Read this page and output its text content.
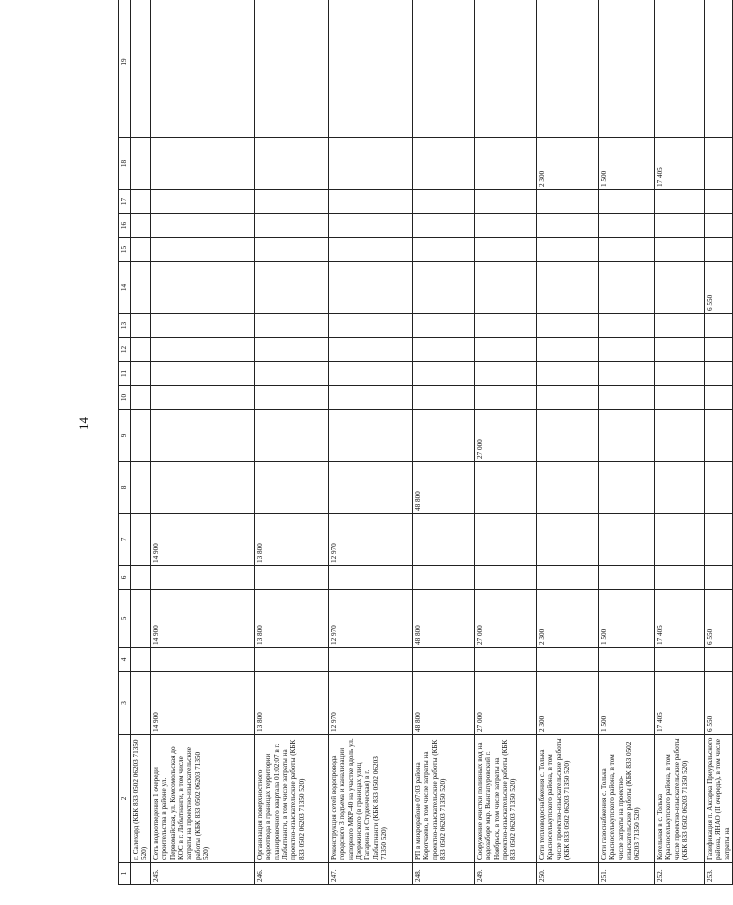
14
1	2	3	4	5	6	7	8	9	10	11	12	13	14	15	16	17	18	19
	г. Салехард (КБК 833 0502 06203 71350 520)																	
245.	Сеть водоотведения 1 очереди строительства в районе ул. Первомайская, ул. Комсомольская до КОС в г. Лабытнанги, в том числе затраты на проектно-изыскательские работы (КБК 833 0502 06203 71350 520)	14 900		14 900		14 900												
246.	Организация поверхностного водоотвода в границах территории планировочного квартала 01:02:07 в г. Лабытнанги, в том числе затраты на проектно-изыскательские работы (КБК 833 0502 06203 71350 520)	13 800		13 800		13 800												
247.	Реконструкция сетей водопровода городского 3 подъема и канализации напорного МКР-40 на участке вдоль ул. Дзержинского (в границах улиц Гагарина и Студенческая) в г. Лабытнанги (КБК 833 0502 06203 71350 520)	12 970		12 970		12 970												
248.	РП в микрорайоне 07:03 района Коротчаево, в том числе затраты на проектно-изыскательские работы (КБК 833 0502 06203 71350 520)	48 800		48 800			48 800											
249.	Сооружение очистки поливных вод на водозаборе мкр. Вынгапуровский г. Ноябрьск, в том числе затраты на проектно-изыскательские работы (КБК 833 0502 06203 71350 520)	27 000		27 000				27 000										
250.	Сети тепловодоснабжения с. Толька Красноселькупского района, в том числе проектно-изыскательские работы (КБК 833 0502 06203 71350 520)	2 300		2 300													2 300	
251.	Сети газоснабжения с. Толька Красноселькупского района, в том числе затраты на проектно-изыскательские работы (КБК 833 0502 06203 71350 520)	1 500		1 500													1 500	
252.	Котельная в с. Толька Красноселькупского района, в том числе проектно-изыскательские работы (КБК 833 0502 06203 71350 520)	17 405		17 405													17 405	
253.	Газификация п. Аксарка Приуральского района, ЯНАО (II очередь), в том числе затраты на	6 550		6 550									6 550					
